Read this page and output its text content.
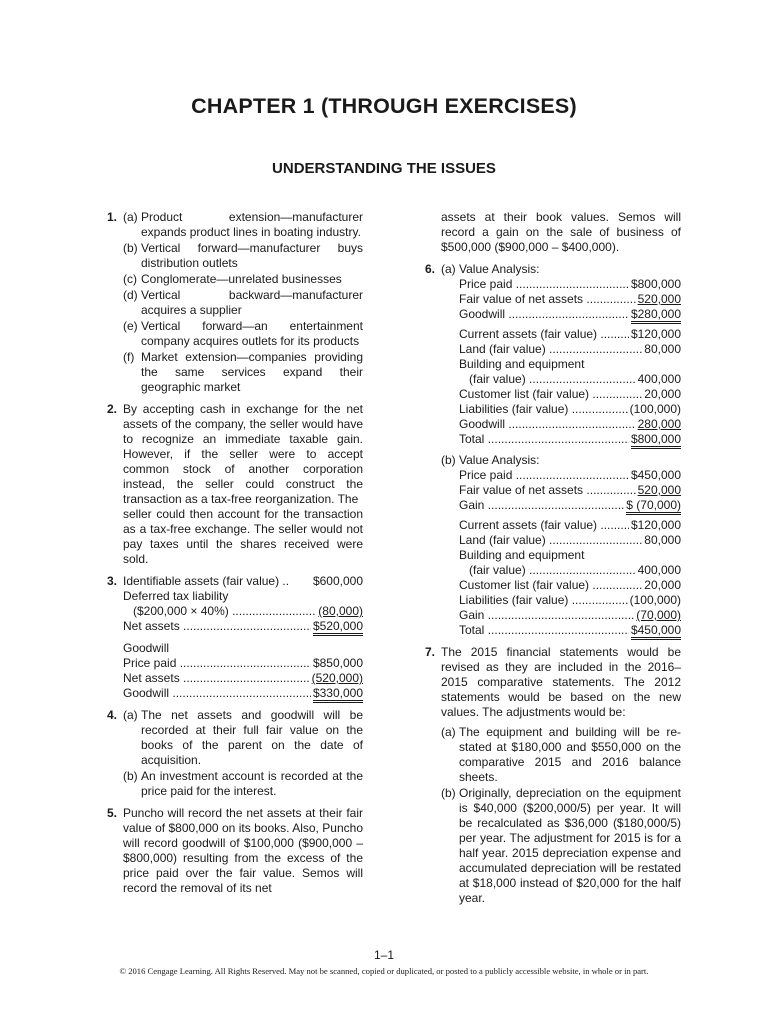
CHAPTER 1 (THROUGH EXERCISES)
UNDERSTANDING THE ISSUES
1. (a) Product extension—manufacturer expands product lines in boating industry.
(b) Vertical forward—manufacturer buys distribution outlets
(c) Conglomerate—unrelated businesses
(d) Vertical backward—manufacturer acquires a supplier
(e) Vertical forward—an entertainment company acquires outlets for its products
(f) Market extension—companies providing the same services expand their geographic market
2. By accepting cash in exchange for the net assets of the company, the seller would have to recognize an immediate taxable gain. However, if the seller were to accept common stock of another corporation instead, the seller could construct the transaction as a tax-free reorganization. The
seller could then account for the transaction as a tax-free exchange. The seller would not pay taxes until the shares received were sold.
3. Identifiable assets (fair value) ..	$600,000
Deferred tax liability
($200,000 × 40%) .....	(80,000)
Net assets .....	$520,000
Goodwill
Price paid .....	$850,000
Net assets .....	(520,000)
Goodwill .....	$330,000
4. (a) The net assets and goodwill will be recorded at their full fair value on the books of the parent on the date of acquisition.
(b) An investment account is recorded at the price paid for the interest.
5. Puncho will record the net assets at their fair value of $800,000 on its books. Also, Puncho will record goodwill of $100,000 ($900,000 – $800,000) resulting from the excess of the price paid over the fair value. Semos will record the removal of its net
assets at their book values. Semos will record a gain on the sale of business of $500,000 ($900,000 – $400,000).
6. (a) Value Analysis:
Price paid .....	$800,000
Fair value of net assets .....	520,000
Goodwill .....	$280,000
Current assets (fair value) .....	$120,000
Land (fair value) .....	80,000
Building and equipment
(fair value) .....	400,000
Customer list (fair value) .....	20,000
Liabilities (fair value) .....	(100,000)
Goodwill .....	280,000
Total .....	$800,000
(b) Value Analysis:
Price paid .....	$450,000
Fair value of net assets .....	520,000
Gain .....	$ (70,000)
Current assets (fair value) .....	$120,000
Land (fair value) .....	80,000
Building and equipment
(fair value) .....	400,000
Customer list (fair value) .....	20,000
Liabilities (fair value) .....	(100,000)
Gain .....	(70,000)
Total .....	$450,000
7. The 2015 financial statements would be revised as they are included in the 2016–2015 comparative statements. The 2012 statements would be based on the new values. The adjustments would be:
(a) The equipment and building will be re-stated at $180,000 and $550,000 on the comparative 2015 and 2016 balance sheets.
(b) Originally, depreciation on the equipment is $40,000 ($200,000/5) per year. It will be recalculated as $36,000 ($180,000/5) per year. The adjustment for 2015 is for a half year. 2015 depreciation expense and accumulated depreciation will be restated at $18,000 instead of $20,000 for the half year.
1–1
© 2016 Cengage Learning. All Rights Reserved. May not be scanned, copied or duplicated, or posted to a publicly accessible website, in whole or in part.
